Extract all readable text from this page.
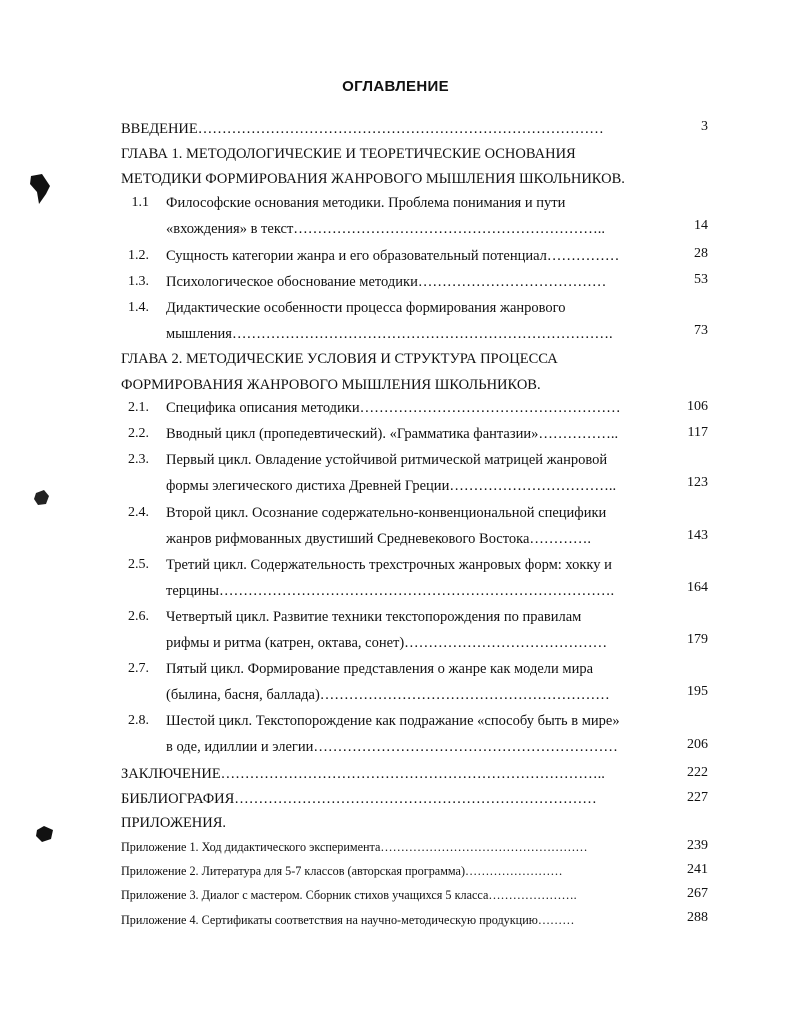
ОГЛАВЛЕНИЕ
ВВЕДЕНИЕ…………………………………………………………………………	3
ГЛАВА 1. МЕТОДОЛОГИЧЕСКИЕ И ТЕОРЕТИЧЕСКИЕ ОСНОВАНИЯ
МЕТОДИКИ ФОРМИРОВАНИЯ ЖАНРОВОГО МЫШЛЕНИЯ ШКОЛЬНИКОВ.
1.1 Философские основания методики. Проблема понимания и пути
«вхождения» в текст………………………………………………………..	14
1.2. Сущность категории жанра и его образовательный потенциал……………	28
1.3. Психологическое обоснование методики…………………………………	53
1.4. Дидактические особенности процесса формирования жанрового
мышления…………………………………………………………………….	73
ГЛАВА 2. МЕТОДИЧЕСКИЕ УСЛОВИЯ И СТРУКТУРА ПРОЦЕССА
ФОРМИРОВАНИЯ ЖАНРОВОГО МЫШЛЕНИЯ ШКОЛЬНИКОВ.
2.1. Специфика описания методики………………………………………………	106
2.2. Вводный цикл (пропедевтический). «Грамматика фантазии»……………..	117
2.3. Первый цикл. Овладение устойчивой ритмической матрицей жанровой
формы элегического дистиха Древней Греции……………………………..	123
2.4. Второй цикл. Осознание содержательно-конвенциональной специфики
жанров рифмованных двустиший Средневекового Востока………….	143
2.5. Третий цикл. Содержательность трехстрочных жанровых форм: хокку и
терцины……………………………………………………………………….	164
2.6. Четвертый цикл. Развитие техники текстопорождения по правилам
рифмы и ритма (катрен, октава, сонет)……………………………………	179
2.7. Пятый цикл. Формирование представления о жанре как модели мира
(былина, басня, баллада)……………………………………………………	195
2.8. Шестой цикл. Текстопорождение как подражание «способу быть в мире»
в оде, идиллии и элегии………………………………………………………	206
ЗАКЛЮЧЕНИЕ……………………………………………………………………..	222
БИБЛИОГРАФИЯ…………………………………………………………………	227
ПРИЛОЖЕНИЯ.
Приложение 1. Ход дидактического эксперимента……………………………………………	239
Приложение 2. Литература для 5-7 классов (авторская программа)……………………	241
Приложение 3. Диалог с мастером. Сборник стихов учащихся 5 класса………………….	267
Приложение 4. Сертификаты соответствия на научно-методическую продукцию………	288
